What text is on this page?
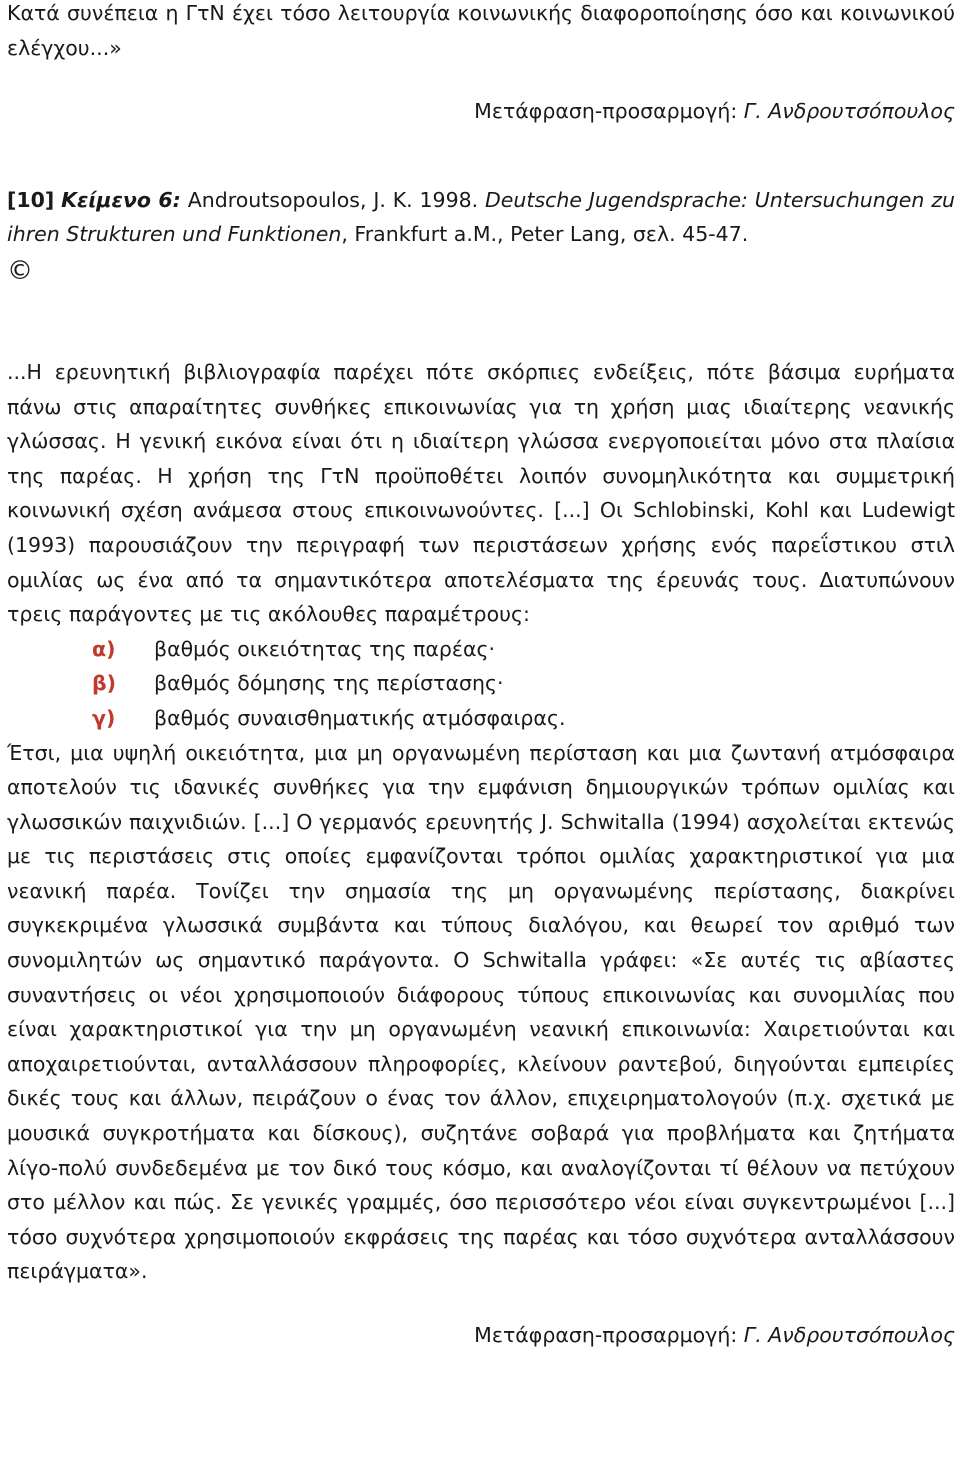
Κατά συνέπεια η ΓτΝ έχει τόσο λειτουργία κοινωνικής διαφοροποίησης όσο και κοινωνικού ελέγχου...»

Μετάφραση-προσαρμογή: Γ. Ανδρουτσόπουλος

[10] Κείμενο 6: Androutsopoulos, J. K. 1998. Deutsche Jugendsprache: Untersuchungen zu ihren Strukturen und Funktionen, Frankfurt a.M., Peter Lang, σελ. 45-47.

©

...Η ερευνητική βιβλιογραφία παρέχει πότε σκόρπιες ενδείξεις, πότε βάσιμα ευρήματα πάνω στις απαραίτητες συνθήκες επικοινωνίας για τη χρήση μιας ιδιαίτερης νεανικής γλώσσας. Η γενική εικόνα είναι ότι η ιδιαίτερη γλώσσα ενεργοποιείται μόνο στα πλαίσια της παρέας. Η χρήση της ΓτΝ προϋποθέτει λοιπόν συνομηλικότητα και συμμετρική κοινωνική σχέση ανάμεσα στους επικοινωνούντες. [...] Οι Schlobinski, Kohl και Ludewigt (1993) παρουσιάζουν την περιγραφή των περιστάσεων χρήσης ενός παρεΐστικου στιλ ομιλίας ως ένα από τα σημαντικότερα αποτελέσματα της έρευνάς τους. Διατυπώνουν τρεις παράγοντες με τις ακόλουθες παραμέτρους:

α)	βαθμός οικειότητας της παρέας·
β)	βαθμός δόμησης της περίστασης·
γ)	βαθμός συναισθηματικής ατμόσφαιρας.

Έτσι, μια υψηλή οικειότητα, μια μη οργανωμένη περίσταση και μια ζωντανή ατμόσφαιρα αποτελούν τις ιδανικές συνθήκες για την εμφάνιση δημιουργικών τρόπων ομιλίας και γλωσσικών παιχνιδιών. [...] Ο γερμανός ερευνητής J. Schwitalla (1994) ασχολείται εκτενώς με τις περιστάσεις στις οποίες εμφανίζονται τρόποι ομιλίας χαρακτηριστικοί για μια νεανική παρέα. Τονίζει την σημασία της μη οργανωμένης περίστασης, διακρίνει συγκεκριμένα γλωσσικά συμβάντα και τύπους διαλόγου, και θεωρεί τον αριθμό των συνομιλητών ως σημαντικό παράγοντα. Ο Schwitalla γράφει: «Σε αυτές τις αβίαστες συναντήσεις οι νέοι χρησιμοποιούν διάφορους τύπους επικοινωνίας και συνομιλίας που είναι χαρακτηριστικοί για την μη οργανωμένη νεανική επικοινωνία: Χαιρετιούνται και αποχαιρετιούνται, ανταλλάσσουν πληροφορίες, κλείνουν ραντεβού, διηγούνται εμπειρίες δικές τους και άλλων, πειράζουν ο ένας τον άλλον, επιχειρηματολογούν (π.χ. σχετικά με μουσικά συγκροτήματα και δίσκους), συζητάνε σοβαρά για προβλήματα και ζητήματα λίγο-πολύ συνδεδεμένα με τον δικό τους κόσμο, και αναλογίζονται τί θέλουν να πετύχουν στο μέλλον και πώς. Σε γενικές γραμμές, όσο περισσότερο νέοι είναι συγκεντρωμένοι [...] τόσο συχνότερα χρησιμοποιούν εκφράσεις της παρέας και τόσο συχνότερα ανταλλάσσουν πειράγματα».

Μετάφραση-προσαρμογή: Γ. Ανδρουτσόπουλος
